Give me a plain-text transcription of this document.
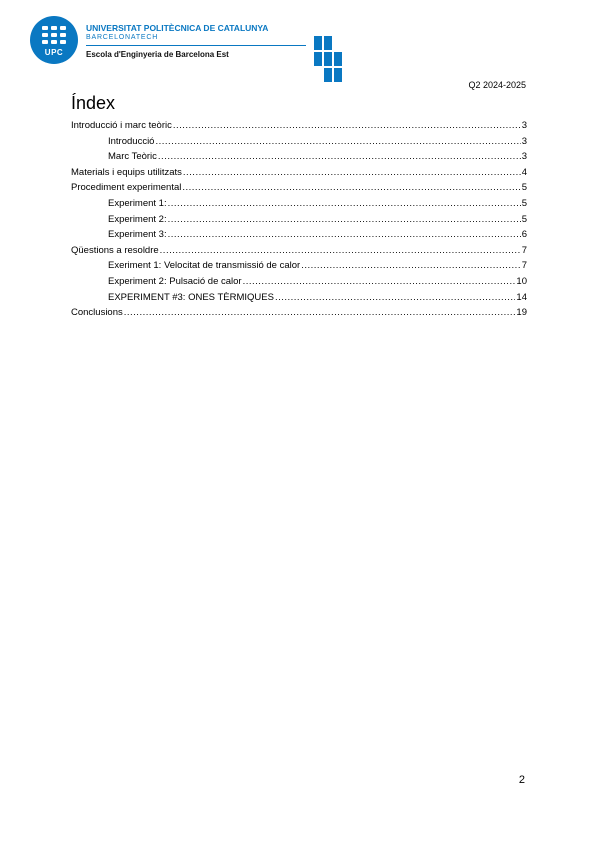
UPC
UNIVERSITAT POLITÈCNICA DE CATALUNYA
BARCELONATECH
Escola d'Enginyeria de Barcelona Est
Q2 2024-2025
Índex
Introducció i marc teòric .....	3
Introducció .....	3
Marc Teòric .....	3
Materials i equips utilitzats .....	4
Procediment experimental .....	5
Experiment 1: .....	5
Experiment 2: .....	5
Experiment 3: .....	6
Qüestions a resoldre .....	7
Exeriment 1: Velocitat de transmissió de calor .....	7
Experiment 2: Pulsació de calor .....	10
EXPERIMENT #3: ONES TÈRMIQUES .....	14
Conclusions .....	19
2
